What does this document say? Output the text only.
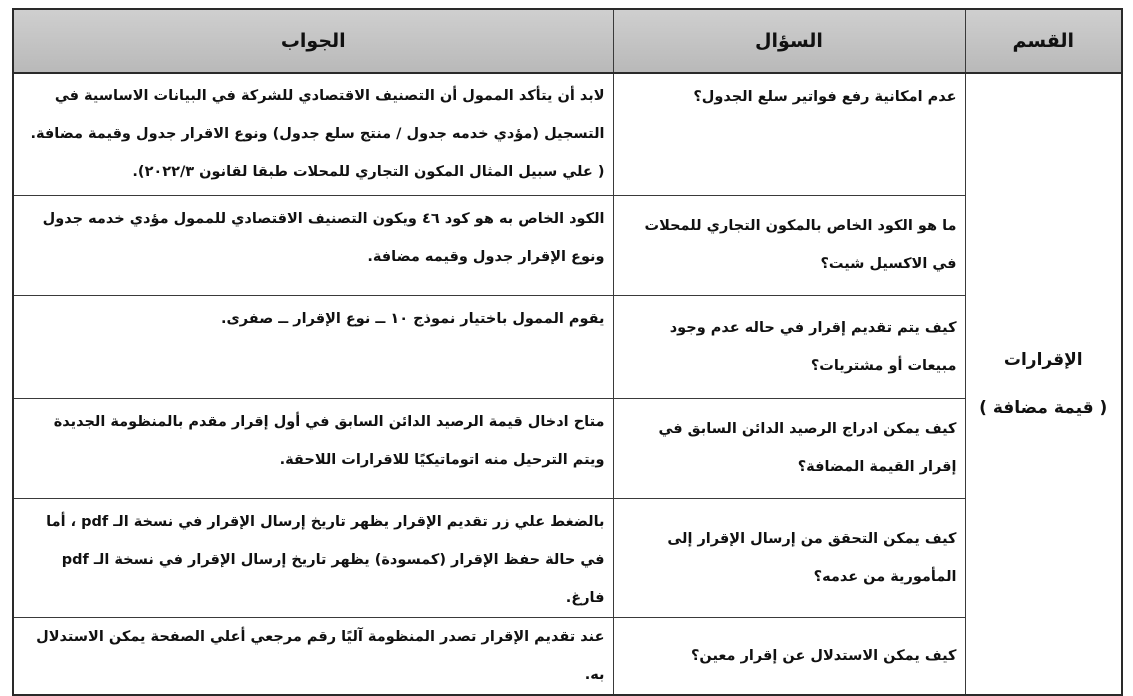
القسم	السؤال	الجواب

الإقرارات
( قيمة مضافة )	عدم امكانية رفع فواتير سلع الجدول؟	لابد أن يتأكد الممول أن التصنيف الاقتصادي للشركة في البيانات الاساسية في التسجيل (مؤدي خدمه جدول / منتج سلع جدول) ونوع الاقرار جدول وقيمة مضافة. ( علي سبيل المثال المكون التجاري للمحلات طبقا لقانون ٢٠٢٢/٣).
	ما هو الكود الخاص بالمكون التجاري للمحلات في الاكسيل شيت؟	الكود الخاص به هو كود ٤٦ ويكون التصنيف الاقتصادي للممول مؤدي خدمه جدول ونوع الإقرار جدول وقيمه مضافة.
	كيف يتم تقديم إقرار في حاله عدم وجود مبيعات أو مشتريات؟	يقوم الممول باختيار نموذج ١٠ ــ نوع الإقرار ــ صفرى.
	كيف يمكن ادراج الرصيد الدائن السابق في إقرار القيمة المضافة؟	متاح ادخال قيمة الرصيد الدائن السابق في أول إقرار مقدم بالمنظومة الجديدة ويتم الترحيل منه اتوماتيكيًا للاقرارات اللاحقة.
	كيف يمكن التحقق من إرسال الإقرار إلى المأمورية من عدمه؟	بالضغط علي زر تقديم الإقرار يظهر تاريخ إرسال الإقرار في نسخة الـ pdf ، أما في حالة حفظ الإقرار (كمسودة) يظهر تاريخ إرسال الإقرار في نسخة الـ pdf فارغ.
	كيف يمكن الاستدلال عن إقرار معين؟	عند تقديم الإقرار تصدر المنظومة آليًا رقم مرجعي أعلي الصفحة يمكن الاستدلال به.
